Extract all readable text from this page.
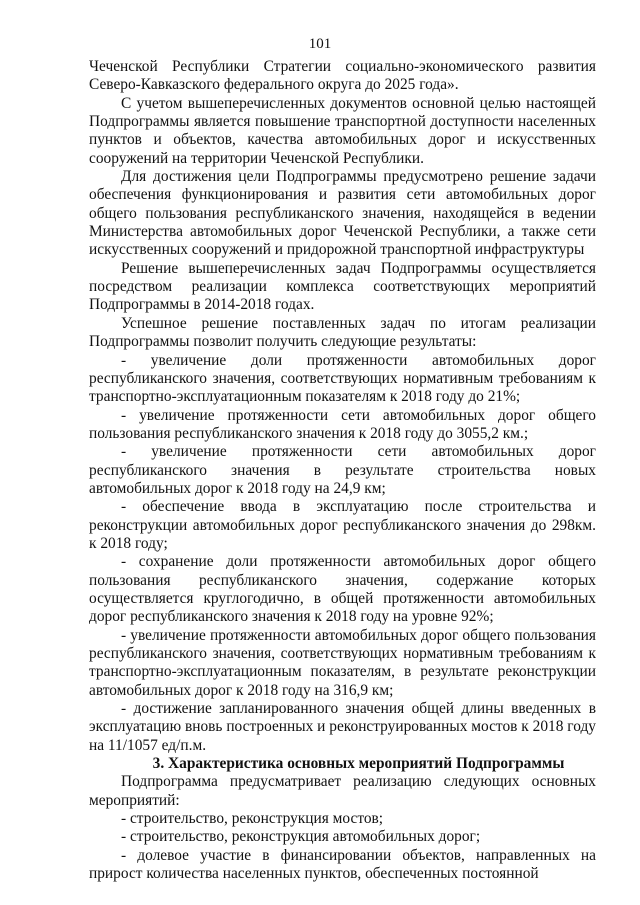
101

Чеченской Республики Стратегии социально-экономического развития Северо-Кавказского федерального округа до 2025 года».

С учетом вышеперечисленных документов основной целью настоящей Подпрограммы является повышение транспортной доступности населенных пунктов и объектов, качества автомобильных дорог и искусственных сооружений на территории Чеченской Республики.

Для достижения цели Подпрограммы предусмотрено решение задачи обеспечения функционирования и развития сети автомобильных дорог общего пользования республиканского значения, находящейся в ведении Министерства автомобильных дорог Чеченской Республики, а также сети искусственных сооружений и придорожной транспортной инфраструктуры

Решение вышеперечисленных задач Подпрограммы осуществляется посредством реализации комплекса соответствующих мероприятий Подпрограммы в 2014-2018 годах.

Успешное решение поставленных задач по итогам реализации Подпрограммы позволит получить следующие результаты:

- увеличение доли протяженности автомобильных дорог республиканского значения, соответствующих нормативным требованиям к транспортно-эксплуатационным показателям к 2018 году до 21%;

- увеличение протяженности сети автомобильных дорог общего пользования республиканского значения к 2018 году до 3055,2 км.;

- увеличение протяженности сети автомобильных дорог республиканского значения в результате строительства новых автомобильных дорог к 2018 году на 24,9 км;

- обеспечение ввода в эксплуатацию после строительства и реконструкции автомобильных дорог республиканского значения до 298км. к 2018 году;

- сохранение доли протяженности автомобильных дорог общего пользования республиканского значения, содержание которых осуществляется круглогодично, в общей протяженности автомобильных дорог республиканского значения к 2018 году на уровне 92%;

- увеличение протяженности автомобильных дорог общего пользования республиканского значения, соответствующих нормативным требованиям к транспортно-эксплуатационным показателям, в результате реконструкции автомобильных дорог к 2018 году на 316,9 км;

- достижение запланированного значения общей длины введенных в эксплуатацию вновь построенных и реконструированных мостов к 2018 году на 11/1057 ед/п.м.

3. Характеристика основных мероприятий Подпрограммы

Подпрограмма предусматривает реализацию следующих основных мероприятий:

- строительство, реконструкция мостов;

- строительство, реконструкция автомобильных дорог;

- долевое участие в финансировании объектов, направленных на прирост количества населенных пунктов, обеспеченных постоянной
